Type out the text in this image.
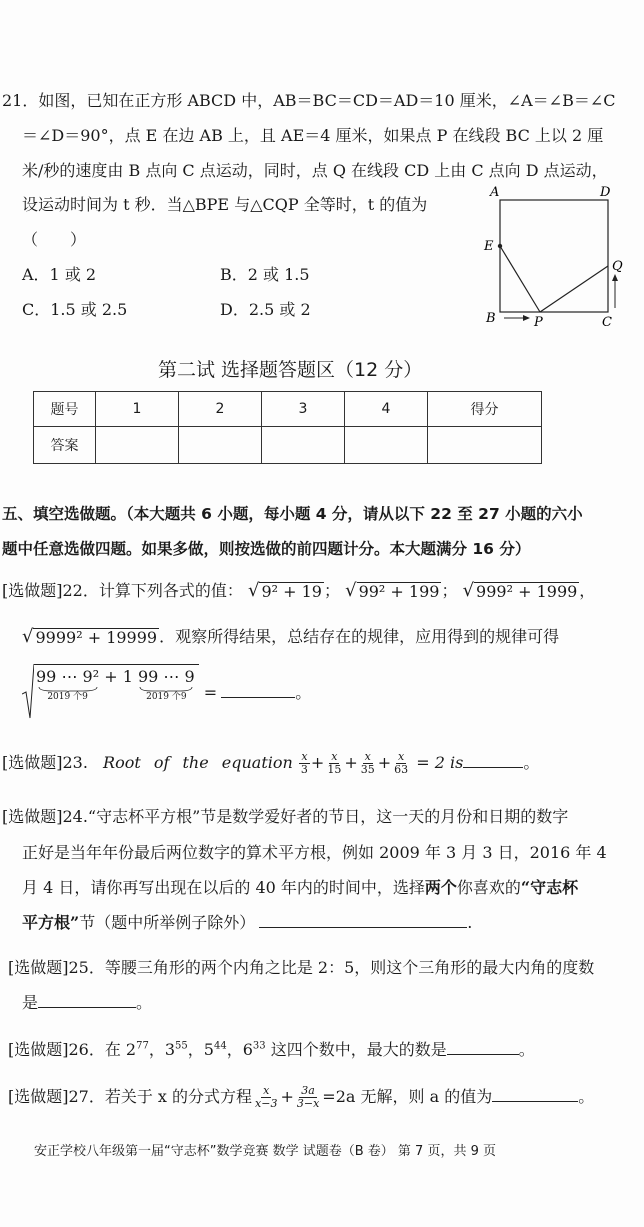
21．如图，已知在正方形 ABCD 中，AB＝BC＝CD＝AD＝10 厘米，∠A＝∠B＝∠C
＝∠D＝90°，点 E 在边 AB 上，且 AE＝4 厘米，如果点 P 在线段 BC 上以 2 厘
米/秒的速度由 B 点向 C 点运动，同时，点 Q 在线段 CD 上由 C 点向 D 点运动，
设运动时间为 t 秒．当△BPE 与△CQP 全等时，t 的值为
（　　）
A．1 或 2	B．2 或 1.5
C．1.5 或 2.5	D．2.5 或 2
A	D
E
Q
B	P	C
第二试 选择题答题区（12 分）
题号	1	2	3	4	得分
答案					
五、填空选做题。（本大题共 6 小题，每小题 4 分，请从以下 22 至 27 小题的六小
题中任意选做四题。如果多做，则按选做的前四题计分。本大题满分 16 分）
[选做题]22．计算下列各式的值： √ 9² + 19 ； √ 99² + 199 ； √ 999² + 1999 ，
√ 9999² + 19999 ．观察所得结果，总结存在的规律，应用得到的规律可得
99 ⋯ 9²
2019 个9
+ 1 99 ⋯ 9
2019 个9 =	。
[选做题]23. Root of the equation $\frac{x}{3} + \frac{x}{15} + \frac{x}{35} + \frac{x}{63} = 2$ is	。
[选做题]24.“守志杯平方根”节是数学爱好者的节日，这一天的月份和日期的数字
正好是当年年份最后两位数字的算术平方根，例如 2009 年 3 月 3 日，2016 年 4
月 4 日，请你再写出现在以后的 40 年内的时间中，选择两个你喜欢的“守志杯
平方根”节（题中所举例子除外）	.
[选做题]25．等腰三角形的两个内角之比是 2：5，则这个三角形的最大内角的度数
是	。
[选做题]26．在 $2^{77}$，$3^{55}$，$5^{44}$，$6^{33}$ 这四个数中，最大的数是	。
[选做题]27．若关于 x 的分式方程 $\frac{x}{x-3} + \frac{3a}{3-x} =2a$ 无解，则 a 的值为	。
安正学校八年级第一届“守志杯”数学竞赛 数学 试题卷（B 卷） 第 7 页，共 9 页
